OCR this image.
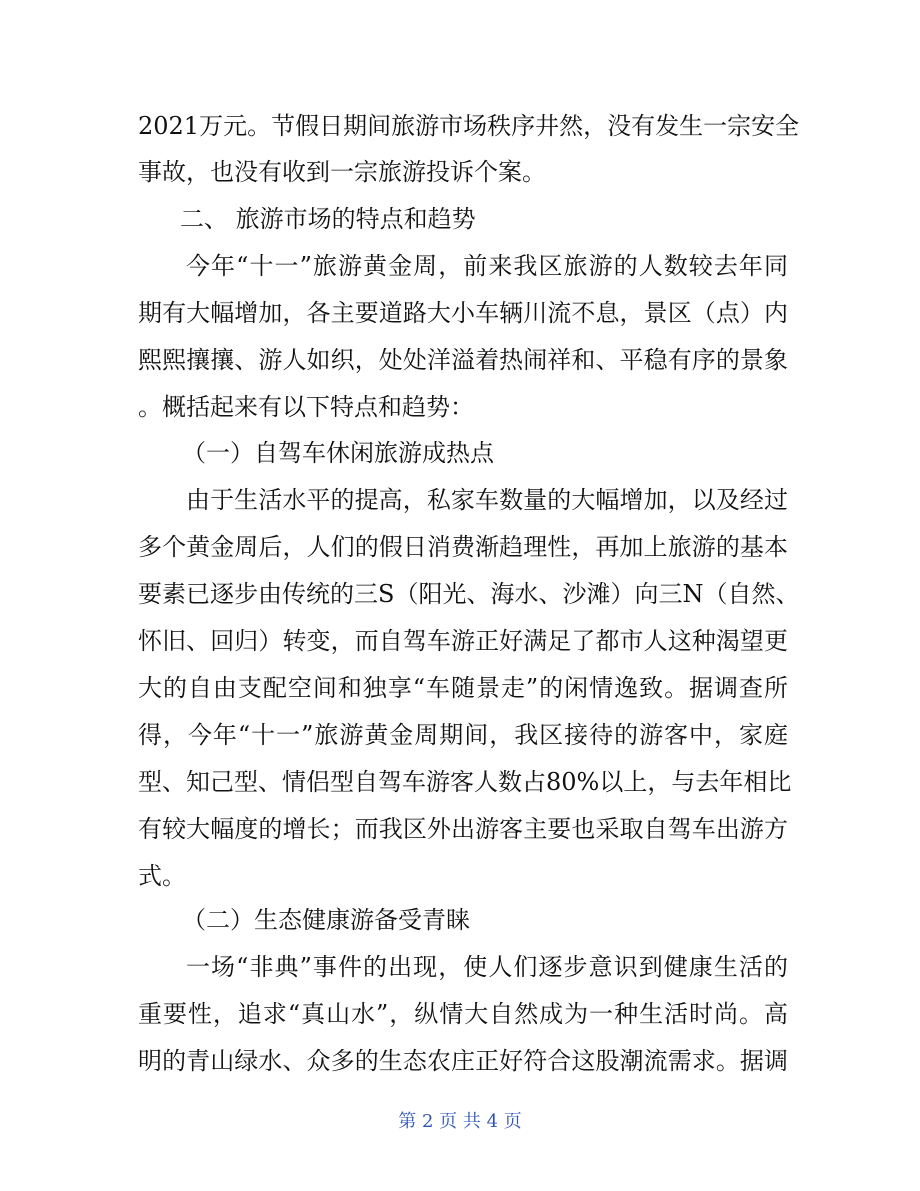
2021万元。节假日期间旅游市场秩序井然，没有发生一宗安全
事故，也没有收到一宗旅游投诉个案。
二、 旅游市场的特点和趋势
今年“十一”旅游黄金周，前来我区旅游的人数较去年同
期有大幅增加，各主要道路大小车辆川流不息，景区（点）内
熙熙攘攘、游人如织，处处洋溢着热闹祥和、平稳有序的景象
。概括起来有以下特点和趋势：
（一）自驾车休闲旅游成热点
由于生活水平的提高，私家车数量的大幅增加，以及经过
多个黄金周后，人们的假日消费渐趋理性，再加上旅游的基本
要素已逐步由传统的三S（阳光、海水、沙滩）向三N（自然、
怀旧、回归）转变，而自驾车游正好满足了都市人这种渴望更
大的自由支配空间和独享“车随景走”的闲情逸致。据调查所
得，今年“十一”旅游黄金周期间，我区接待的游客中，家庭
型、知己型、情侣型自驾车游客人数占80%以上，与去年相比
有较大幅度的增长；而我区外出游客主要也采取自驾车出游方
式。
（二）生态健康游备受青睐
一场“非典”事件的出现，使人们逐步意识到健康生活的
重要性，追求“真山水”，纵情大自然成为一种生活时尚。高
明的青山绿水、众多的生态农庄正好符合这股潮流需求。据调
第 2 页 共 4 页
